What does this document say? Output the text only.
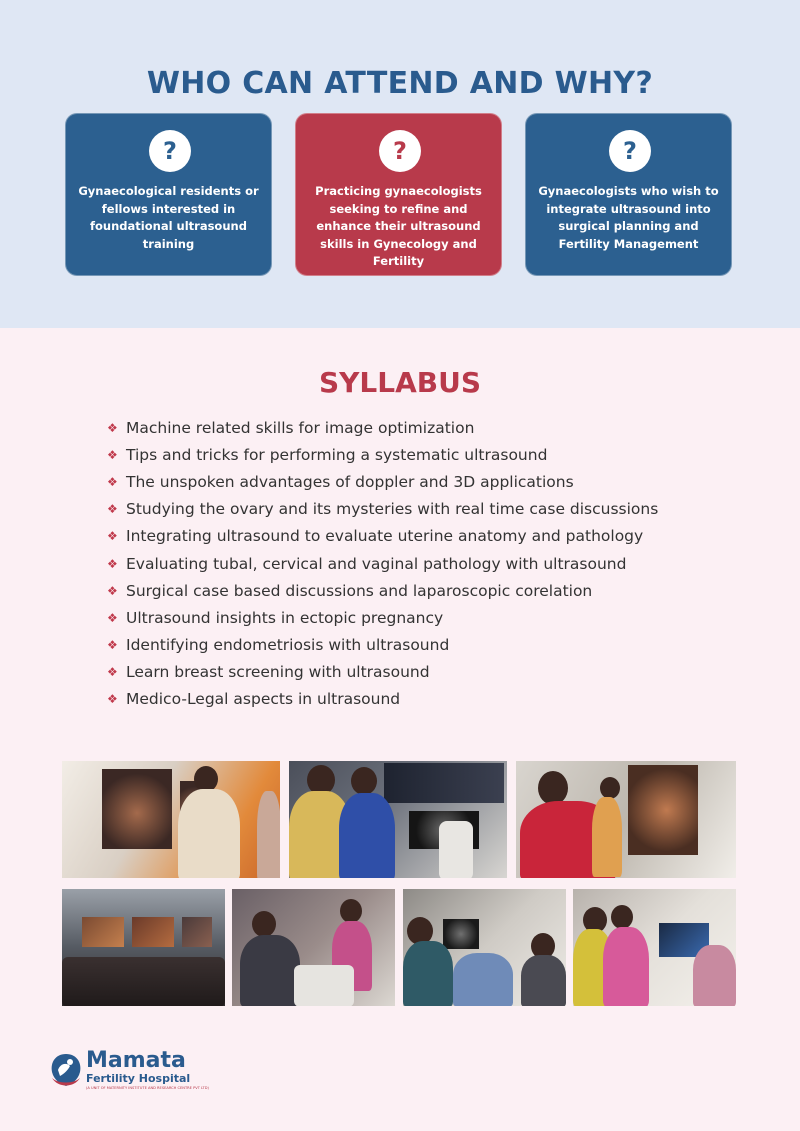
WHO CAN ATTEND AND WHY?
?
Gynaecological residents or fellows interested in foundational ultrasound training
?
Practicing gynaecologists seeking to refine and enhance their ultrasound skills in Gynecology and Fertility
?
Gynaecologists who wish to integrate ultrasound into surgical planning and Fertility Management
SYLLABUS
❖ Machine related skills for image optimization
❖ Tips and tricks for performing a systematic ultrasound
❖ The unspoken advantages of doppler and 3D applications
❖ Studying the ovary and its mysteries with real time case discussions
❖ Integrating ultrasound to evaluate uterine anatomy and pathology
❖ Evaluating tubal, cervical and vaginal pathology with ultrasound
❖ Surgical case based discussions and laparoscopic corelation
❖ Ultrasound insights in ectopic pregnancy
❖ Identifying endometriosis with ultrasound
❖ Learn breast screening with ultrasound
❖ Medico-Legal aspects in ultrasound
Mamata
Fertility Hospital
(A UNIT OF MATERNITY INSTITUTE AND RESEARCH CENTRE PVT LTD)
